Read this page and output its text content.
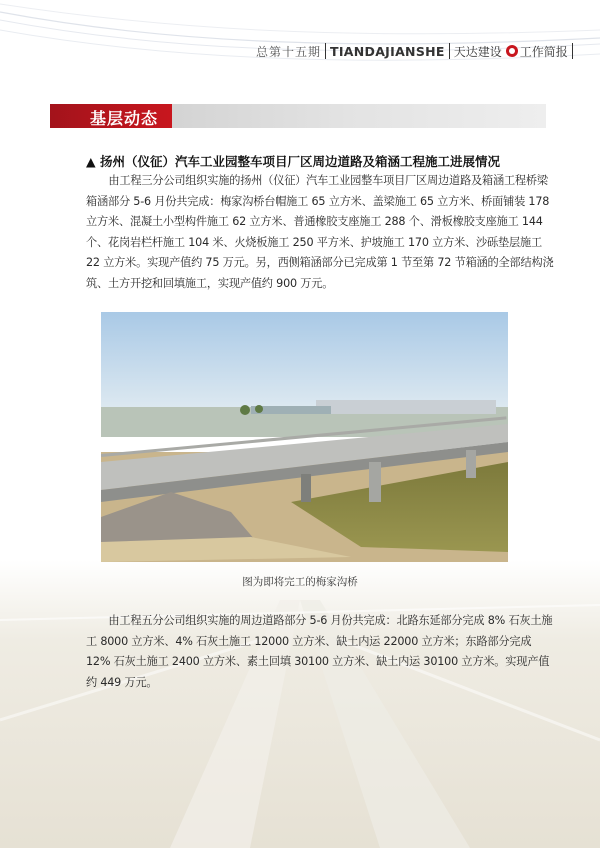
总第十五期 TIANDAJIANSHE 天达建设 工作简报
基层动态
▲ 扬州（仪征）汽车工业园整车项目厂区周边道路及箱涵工程施工进展情况

由工程三分公司组织实施的扬州（仪征）汽车工业园整车项目厂区周边道路及箱涵工程桥梁箱涵部分 5-6 月份共完成：梅家沟桥台帽施工 65 立方米、盖梁施工 65 立方米、桥面铺装 178 立方米、混凝土小型构件施工 62 立方米、普通橡胶支座施工 288 个、滑板橡胶支座施工 144 个、花岗岩栏杆施工 104 米、火烧板施工 250 平方米、护坡施工 170 立方米、沙砾垫层施工 22 立方米。实现产值约 75 万元。另，西侧箱涵部分已完成第 1 节至第 72 节箱涵的全部结构浇筑、土方开挖和回填施工，实现产值约 900 万元。

图为即将完工的梅家沟桥

由工程五分公司组织实施的周边道路部分 5-6 月份共完成：北路东延部分完成 8% 石灰土施工 8000 立方米、4% 石灰土施工 12000 立方米、缺土内运 22000 立方米；东路部分完成 12% 石灰土施工 2400 立方米、素土回填 30100 立方米、缺土内运 30100 立方米。实现产值约 449 万元。
